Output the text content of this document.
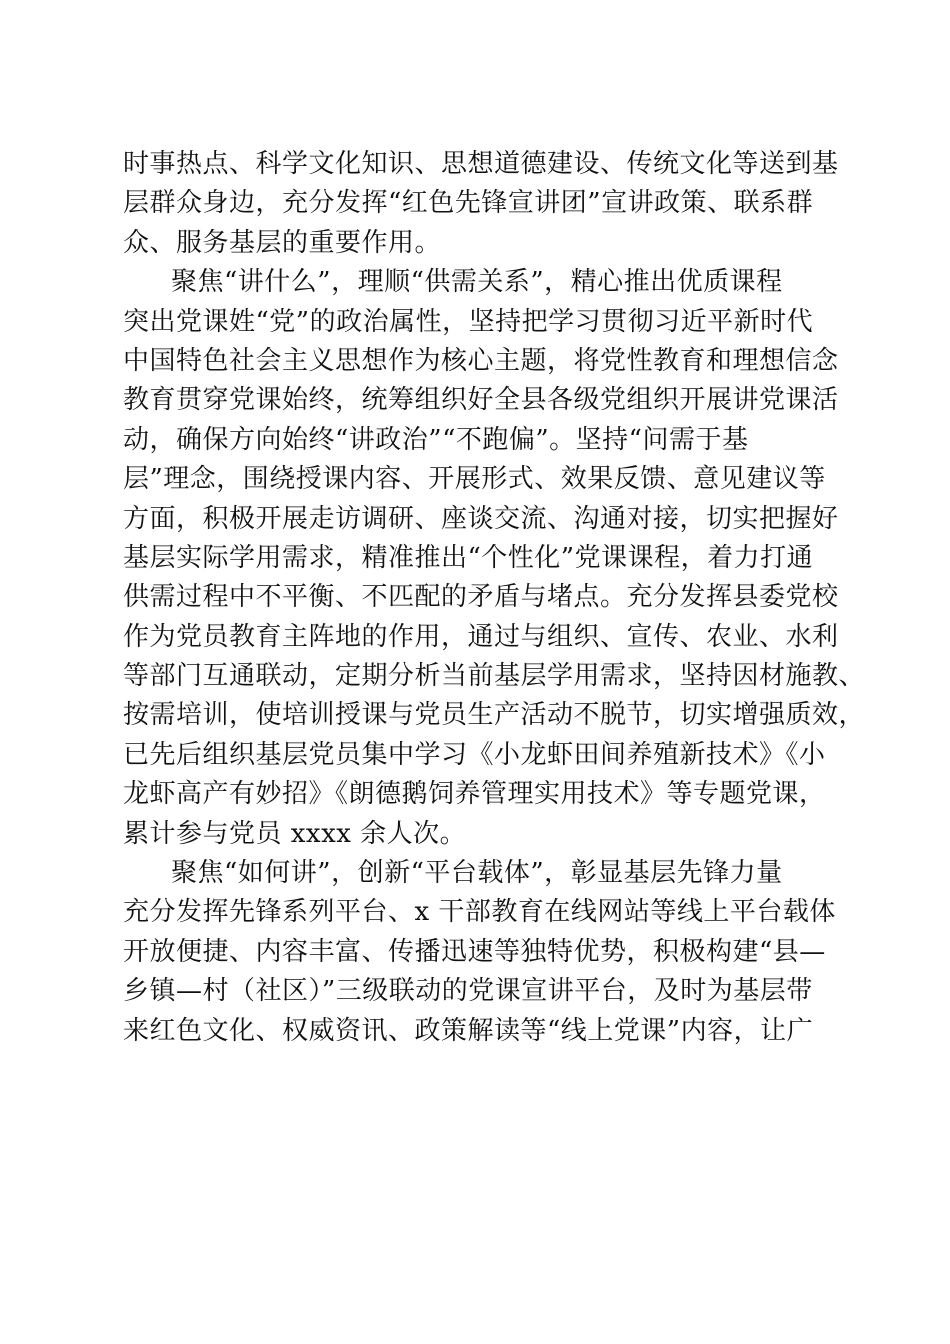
时事热点、科学文化知识、思想道德建设、传统文化等送到基
层群众身边，充分发挥“红色先锋宣讲团”宣讲政策、联系群
众、服务基层的重要作用。
聚焦“讲什么”，理顺“供需关系”，精心推出优质课程
突出党课姓“党”的政治属性，坚持把学习贯彻习近平新时代
中国特色社会主义思想作为核心主题，将党性教育和理想信念
教育贯穿党课始终，统筹组织好全县各级党组织开展讲党课活
动，确保方向始终“讲政治”“不跑偏”。坚持“问需于基
层”理念，围绕授课内容、开展形式、效果反馈、意见建议等
方面，积极开展走访调研、座谈交流、沟通对接，切实把握好
基层实际学用需求，精准推出“个性化”党课课程，着力打通
供需过程中不平衡、不匹配的矛盾与堵点。充分发挥县委党校
作为党员教育主阵地的作用，通过与组织、宣传、农业、水利
等部门互通联动，定期分析当前基层学用需求，坚持因材施教、
按需培训，使培训授课与党员生产活动不脱节，切实增强质效，
已先后组织基层党员集中学习《小龙虾田间养殖新技术》《小
龙虾高产有妙招》《朗德鹅饲养管理实用技术》等专题党课，
累计参与党员 xxxx 余人次。
聚焦“如何讲”，创新“平台载体”，彰显基层先锋力量
充分发挥先锋系列平台、x 干部教育在线网站等线上平台载体
开放便捷、内容丰富、传播迅速等独特优势，积极构建“县—
乡镇—村（社区）”三级联动的党课宣讲平台，及时为基层带
来红色文化、权威资讯、政策解读等“线上党课”内容，让广
